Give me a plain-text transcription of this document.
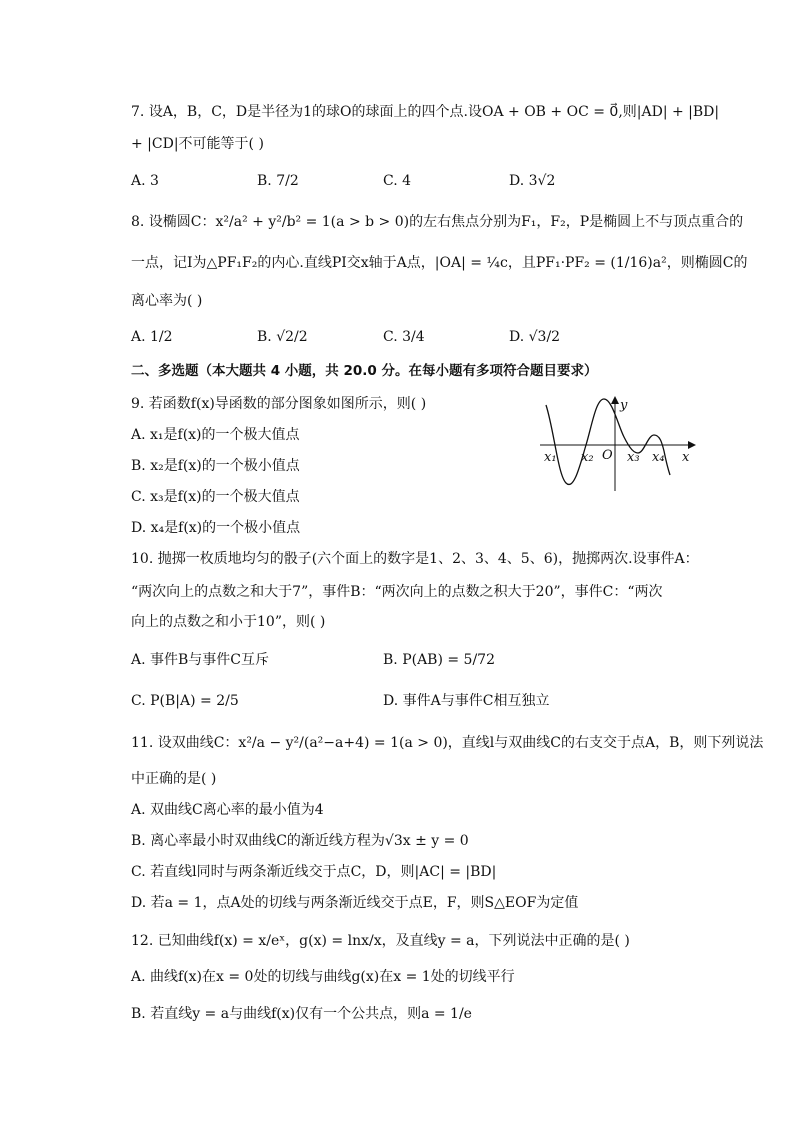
7. 设A，B，C，D是半径为1的球O的球面上的四个点.设OA + OB + OC = 0⃗,则|AD| + |BD|
+ |CD|不可能等于( )
A. 3	B. 7/2	C. 4	D. 3√2
8. 设椭圆C：x²/a² + y²/b² = 1(a > b > 0)的左右焦点分别为F₁，F₂，P是椭圆上不与顶点重合的
一点，记I为△PF₁F₂的内心.直线PI交x轴于A点，|OA| = ¼c，且PF₁·PF₂ = (1/16)a²，则椭圆C的
离心率为( )
A. 1/2	B. √2/2	C. 3/4	D. √3/2
二、多选题（本大题共 4 小题，共 20.0 分。在每小题有多项符合题目要求）
9. 若函数f(x)导函数的部分图象如图所示，则( )
A. x₁是f(x)的一个极大值点
B. x₂是f(x)的一个极小值点
C. x₃是f(x)的一个极大值点
D. x₄是f(x)的一个极小值点
x₁ x₂ O x₃ x₄ x
y
10. 抛掷一枚质地均匀的骰子(六个面上的数字是1、2、3、4、5、6)，抛掷两次.设事件A：
“两次向上的点数之和大于7”，事件B：“两次向上的点数之积大于20”，事件C：“两次
向上的点数之和小于10”，则( )
A. 事件B与事件C互斥	B. P(AB) = 5/72
C. P(B|A) = 2/5	D. 事件A与事件C相互独立
11. 设双曲线C：x²/a − y²/(a²−a+4) = 1(a > 0)，直线l与双曲线C的右支交于点A，B，则下列说法
中正确的是( )
A. 双曲线C离心率的最小值为4
B. 离心率最小时双曲线C的渐近线方程为√3x ± y = 0
C. 若直线l同时与两条渐近线交于点C，D，则|AC| = |BD|
D. 若a = 1，点A处的切线与两条渐近线交于点E，F，则S△EOF为定值
12. 已知曲线f(x) = x/eˣ，g(x) = lnx/x，及直线y = a，下列说法中正确的是( )
A. 曲线f(x)在x = 0处的切线与曲线g(x)在x = 1处的切线平行
B. 若直线y = a与曲线f(x)仅有一个公共点，则a = 1/e
